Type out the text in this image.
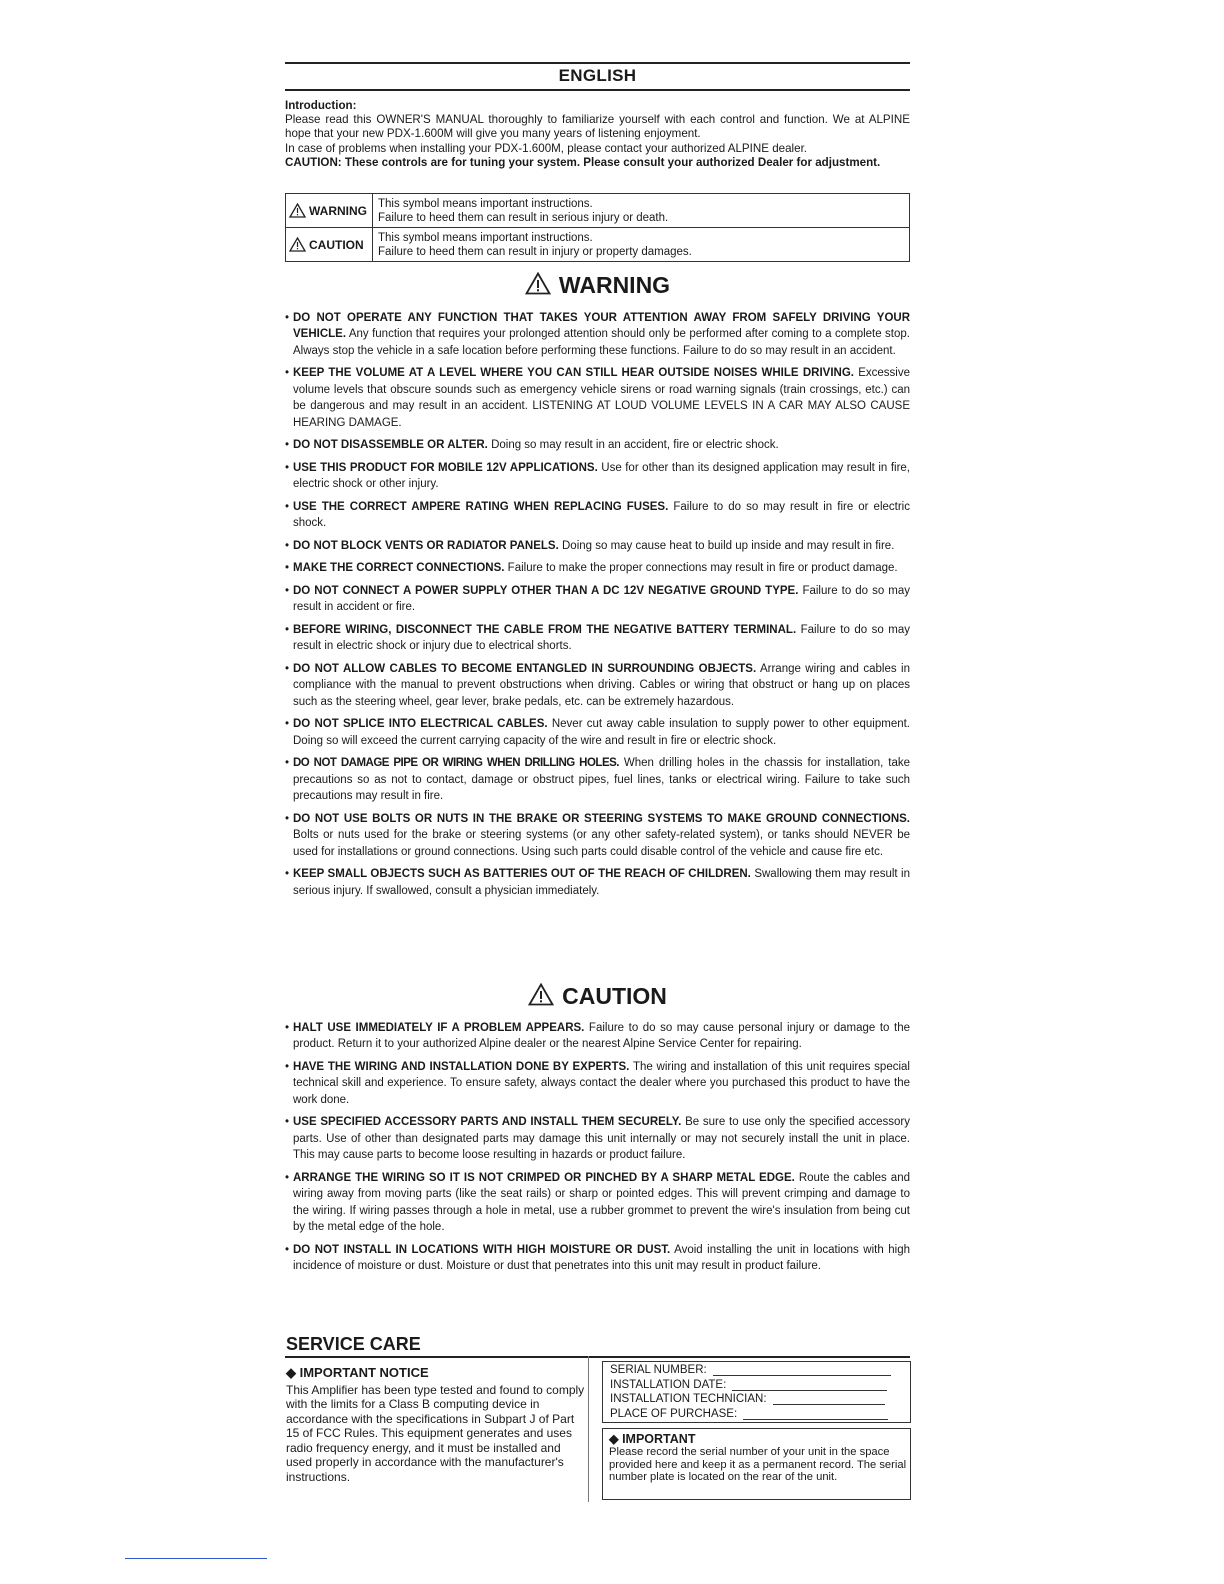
ENGLISH

Introduction:

Please read this OWNER'S MANUAL thoroughly to familiarize yourself with each control and function. We at ALPINE hope that your new PDX-1.600M will give you many years of listening enjoyment.

In case of problems when installing your PDX-1.600M, please contact your authorized ALPINE dealer.

CAUTION: These controls are for tuning your system. Please consult your authorized Dealer for adjustment.

WARNING	This symbol means important instructions.
Failure to heed them can result in serious injury or death.

CAUTION	This symbol means important instructions.
Failure to heed them can result in injury or property damages.
WARNING
• DO NOT OPERATE ANY FUNCTION THAT TAKES YOUR ATTENTION AWAY FROM SAFELY DRIVING YOUR VEHICLE. Any function that requires your prolonged attention should only be performed after coming to a complete stop. Always stop the vehicle in a safe location before performing these functions. Failure to do so may result in an accident.
• KEEP THE VOLUME AT A LEVEL WHERE YOU CAN STILL HEAR OUTSIDE NOISES WHILE DRIVING. Excessive volume levels that obscure sounds such as emergency vehicle sirens or road warning signals (train crossings, etc.) can be dangerous and may result in an accident. LISTENING AT LOUD VOLUME LEVELS IN A CAR MAY ALSO CAUSE HEARING DAMAGE.
• DO NOT DISASSEMBLE OR ALTER. Doing so may result in an accident, fire or electric shock.
• USE THIS PRODUCT FOR MOBILE 12V APPLICATIONS. Use for other than its designed application may result in fire, electric shock or other injury.
• USE THE CORRECT AMPERE RATING WHEN REPLACING FUSES. Failure to do so may result in fire or electric shock.
• DO NOT BLOCK VENTS OR RADIATOR PANELS. Doing so may cause heat to build up inside and may result in fire.
• MAKE THE CORRECT CONNECTIONS. Failure to make the proper connections may result in fire or product damage.
• DO NOT CONNECT A POWER SUPPLY OTHER THAN A DC 12V NEGATIVE GROUND TYPE. Failure to do so may result in accident or fire.
• BEFORE WIRING, DISCONNECT THE CABLE FROM THE NEGATIVE BATTERY TERMINAL. Failure to do so may result in electric shock or injury due to electrical shorts.
• DO NOT ALLOW CABLES TO BECOME ENTANGLED IN SURROUNDING OBJECTS. Arrange wiring and cables in compliance with the manual to prevent obstructions when driving. Cables or wiring that obstruct or hang up on places such as the steering wheel, gear lever, brake pedals, etc. can be extremely hazardous.
• DO NOT SPLICE INTO ELECTRICAL CABLES. Never cut away cable insulation to supply power to other equipment. Doing so will exceed the current carrying capacity of the wire and result in fire or electric shock.
• DO NOT DAMAGE PIPE OR WIRING WHEN DRILLING HOLES. When drilling holes in the chassis for installation, take precautions so as not to contact, damage or obstruct pipes, fuel lines, tanks or electrical wiring. Failure to take such precautions may result in fire.
• DO NOT USE BOLTS OR NUTS IN THE BRAKE OR STEERING SYSTEMS TO MAKE GROUND CONNECTIONS. Bolts or nuts used for the brake or steering systems (or any other safety-related system), or tanks should NEVER be used for installations or ground connections. Using such parts could disable control of the vehicle and cause fire etc.
• KEEP SMALL OBJECTS SUCH AS BATTERIES OUT OF THE REACH OF CHILDREN. Swallowing them may result in serious injury. If swallowed, consult a physician immediately.
CAUTION
• HALT USE IMMEDIATELY IF A PROBLEM APPEARS. Failure to do so may cause personal injury or damage to the product. Return it to your authorized Alpine dealer or the nearest Alpine Service Center for repairing.
• HAVE THE WIRING AND INSTALLATION DONE BY EXPERTS. The wiring and installation of this unit requires special technical skill and experience. To ensure safety, always contact the dealer where you purchased this product to have the work done.
• USE SPECIFIED ACCESSORY PARTS AND INSTALL THEM SECURELY. Be sure to use only the specified accessory parts. Use of other than designated parts may damage this unit internally or may not securely install the unit in place. This may cause parts to become loose resulting in hazards or product failure.
• ARRANGE THE WIRING SO IT IS NOT CRIMPED OR PINCHED BY A SHARP METAL EDGE. Route the cables and wiring away from moving parts (like the seat rails) or sharp or pointed edges. This will prevent crimping and damage to the wiring. If wiring passes through a hole in metal, use a rubber grommet to prevent the wire's insulation from being cut by the metal edge of the hole.
• DO NOT INSTALL IN LOCATIONS WITH HIGH MOISTURE OR DUST. Avoid installing the unit in locations with high incidence of moisture or dust. Moisture or dust that penetrates into this unit may result in product failure.
SERVICE CARE
◆ IMPORTANT NOTICE

This Amplifier has been type tested and found to comply with the limits for a Class B computing device in accordance with the specifications in Subpart J of Part 15 of FCC Rules. This equipment generates and uses radio frequency energy, and it must be installed and used properly in accordance with the manufacturer's instructions.

SERIAL NUMBER:
INSTALLATION DATE:
INSTALLATION TECHNICIAN:
PLACE OF PURCHASE:
◆ IMPORTANT

Please record the serial number of your unit in the space provided here and keep it as a permanent record. The serial number plate is located on the rear of the unit.
